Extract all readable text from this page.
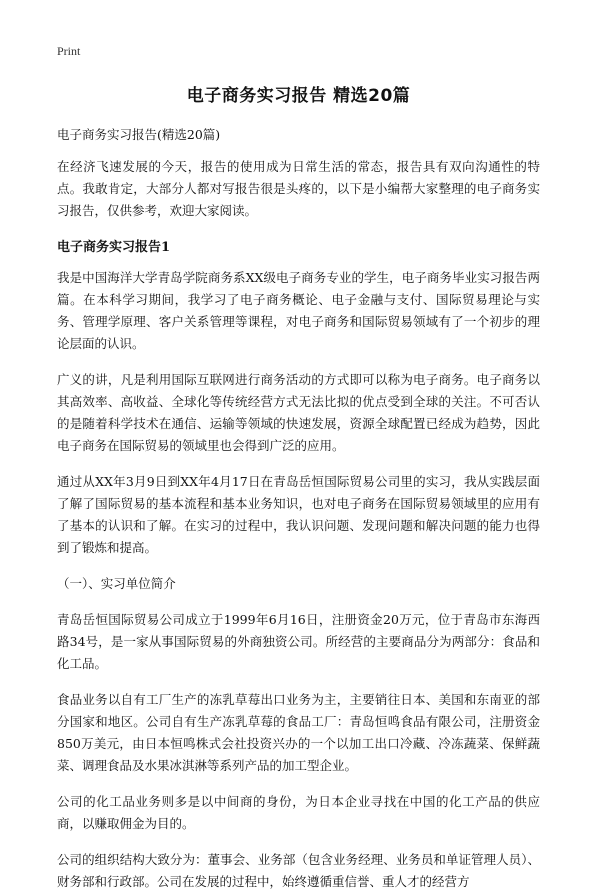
Print
电子商务实习报告 精选20篇
电子商务实习报告(精选20篇)

在经济飞速发展的今天，报告的使用成为日常生活的常态，报告具有双向沟通性的特点。我敢肯定，大部分人都对写报告很是头疼的，以下是小编帮大家整理的电子商务实习报告，仅供参考，欢迎大家阅读。

电子商务实习报告1

我是中国海洋大学青岛学院商务系XX级电子商务专业的学生，电子商务毕业实习报告两篇。在本科学习期间，我学习了电子商务概论、电子金融与支付、国际贸易理论与实务、管理学原理、客户关系管理等课程，对电子商务和国际贸易领域有了一个初步的理论层面的认识。

广义的讲，凡是利用国际互联网进行商务活动的方式即可以称为电子商务。电子商务以其高效率、高收益、全球化等传统经营方式无法比拟的优点受到全球的关注。不可否认的是随着科学技术在通信、运输等领域的快速发展，资源全球配置已经成为趋势，因此电子商务在国际贸易的领域里也会得到广泛的应用。

通过从XX年3月9日到XX年4月17日在青岛岳恒国际贸易公司里的实习，我从实践层面了解了国际贸易的基本流程和基本业务知识，也对电子商务在国际贸易领域里的应用有了基本的认识和了解。在实习的过程中，我认识问题、发现问题和解决问题的能力也得到了锻炼和提高。

（一）、实习单位简介

青岛岳恒国际贸易公司成立于1999年6月16日，注册资金20万元，位于青岛市东海西路34号，是一家从事国际贸易的外商独资公司。所经营的主要商品分为两部分：食品和化工品。

食品业务以自有工厂生产的冻乳草莓出口业务为主，主要销往日本、美国和东南亚的部分国家和地区。公司自有生产冻乳草莓的食品工厂：青岛恒鸣食品有限公司，注册资金850万美元，由日本恒鸣株式会社投资兴办的一个以加工出口冷藏、冷冻蔬菜、保鲜蔬菜、调理食品及水果冰淇淋等系列产品的加工型企业。

公司的化工品业务则多是以中间商的身份，为日本企业寻找在中国的化工产品的供应商，以赚取佣金为目的。

公司的组织结构大致分为：董事会、业务部（包含业务经理、业务员和单证管理人员）、财务部和行政部。公司在发展的过程中，始终遵循重信誉、重人才的经营方
